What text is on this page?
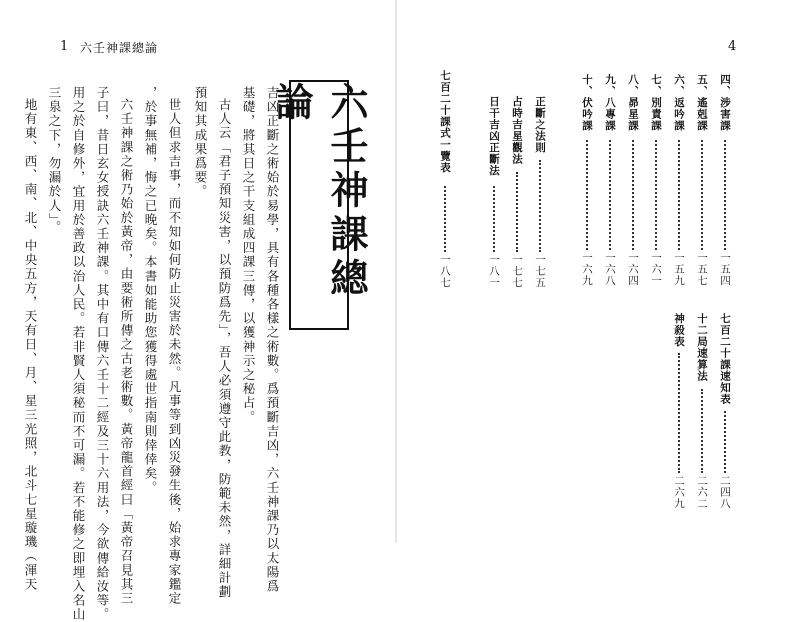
1 六壬神課總論
六壬神課總論
吉凶正斷之術始於易學，具有各種各樣之術數。爲預斷吉凶，六壬神課乃以太陽爲
基礎，將其日之干支組成四課三傳，以獲神示之秘占。
古人云「君子預知災害，以預防爲先」，吾人必須遵守此教，防範未然，詳細計劃
預知其成果爲要。
世人但求吉事，而不知如何防止災害於未然。凡事等到凶災發生後，始求專家鑑定
，於事無補，悔之已晚矣。本書如能助您獲得處世指南則倖倖矣。
六壬神課之術乃始於黃帝，由要術所傳之古老術數。黃帝龍首經曰「黃帝召見其三
子曰，昔日玄女授訣六壬神課。其中有口傳六壬十二經及三十六用法，今欲傳給汝等。
用之於自修外，宜用於善政以治人民。若非賢人須秘而不可漏。若不能修之即埋入名山
三泉之下，勿漏於人」。
地有東、西、南、北、中央五方，天有日、月、星三光照，北斗七星璇璣（渾天
4
四、涉害課
一五四
五、遙剋課
一五七
六、返吟課
一五九
七、別責課
一六一
八、昴星課
一六四
九、八專課
一六八
十、伏吟課
一六九
正斷之法則
一七五
占時吉星觀法
一七七
日干吉凶正斷法
一八一
七百二十課式一覽表
一八七
七百二十課速知表
二四八
十二局速算法
二六二
神殺表
二六九
